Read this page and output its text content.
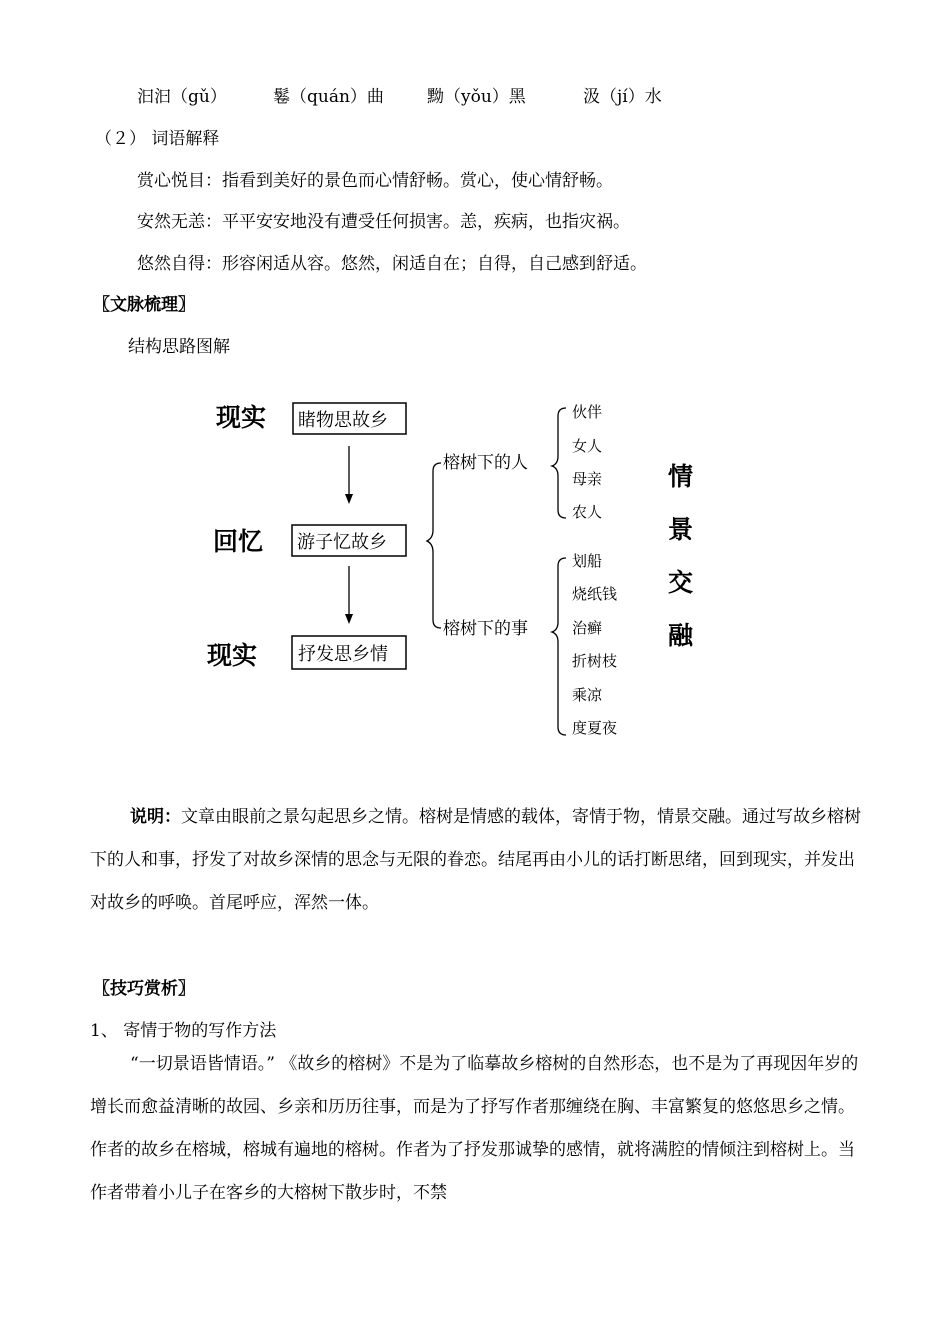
汩汩（gǔ）	鬈（quán）曲	黝（yǒu）黑	汲（jí）水
（２） 词语解释
赏心悦目：指看到美好的景色而心情舒畅。赏心，使心情舒畅。
安然无恙：平平安安地没有遭受任何损害。恙，疾病，也指灾祸。
悠然自得：形容闲适从容。悠然，闲适自在；自得，自己感到舒适。
〖文脉梳理〗
结构思路图解
现实
回忆
现实
睹物思故乡
游子忆故乡
抒发思乡情
榕树下的人
榕树下的事
伙伴
女人
母亲
农人
划船
烧纸钱
治癣
折树枝
乘凉
度夏夜
情
景
交
融
说明：文章由眼前之景勾起思乡之情。榕树是情感的载体，寄情于物，情景交融。通过写故乡榕树下的人和事，抒发了对故乡深情的思念与无限的眷恋。结尾再由小儿的话打断思绪，回到现实，并发出对故乡的呼唤。首尾呼应，浑然一体。
〖技巧赏析〗
1、 寄情于物的写作方法
“一切景语皆情语。” 《故乡的榕树》不是为了临摹故乡榕树的自然形态，也不是为了再现因年岁的增长而愈益清晰的故园、乡亲和历历往事，而是为了抒写作者那缠绕在胸、丰富繁复的悠悠思乡之情。作者的故乡在榕城，榕城有遍地的榕树。作者为了抒发那诚挚的感情，就将满腔的情倾注到榕树上。当作者带着小儿子在客乡的大榕树下散步时，不禁
